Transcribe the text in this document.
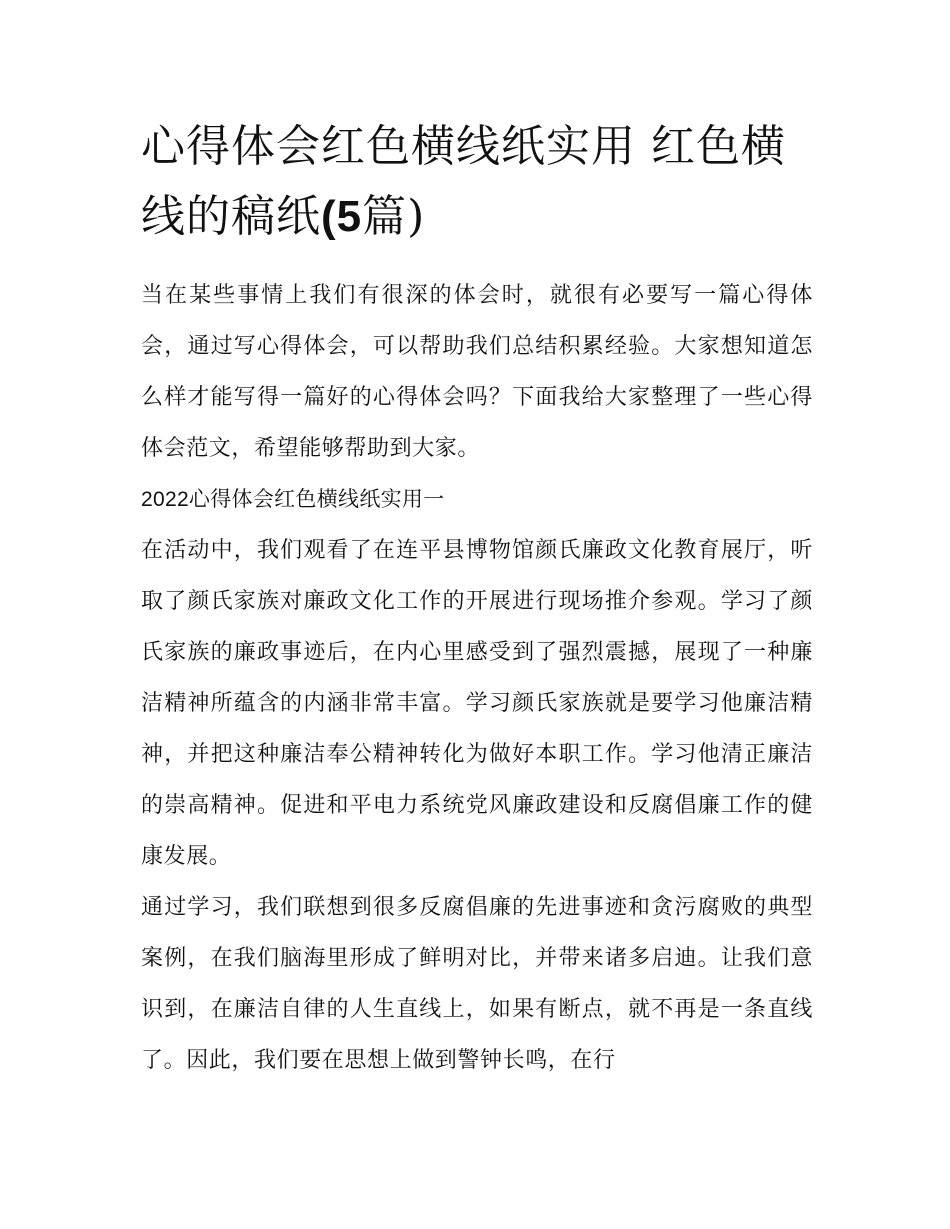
心得体会红色横线纸实用 红色横线的稿纸(5篇)

当在某些事情上我们有很深的体会时，就很有必要写一篇心得体会，通过写心得体会，可以帮助我们总结积累经验。大家想知道怎么样才能写得一篇好的心得体会吗？下面我给大家整理了一些心得体会范文，希望能够帮助到大家。

2022心得体会红色横线纸实用一

在活动中，我们观看了在连平县博物馆颜氏廉政文化教育展厅，听取了颜氏家族对廉政文化工作的开展进行现场推介参观。学习了颜氏家族的廉政事迹后，在内心里感受到了强烈震撼，展现了一种廉洁精神所蕴含的内涵非常丰富。学习颜氏家族就是要学习他廉洁精神，并把这种廉洁奉公精神转化为做好本职工作。学习他清正廉洁的崇高精神。促进和平电力系统党风廉政建设和反腐倡廉工作的健康发展。

通过学习，我们联想到很多反腐倡廉的先进事迹和贪污腐败的典型案例，在我们脑海里形成了鲜明对比，并带来诸多启迪。让我们意识到，在廉洁自律的人生直线上，如果有断点，就不再是一条直线了。因此，我们要在思想上做到警钟长鸣，在行
